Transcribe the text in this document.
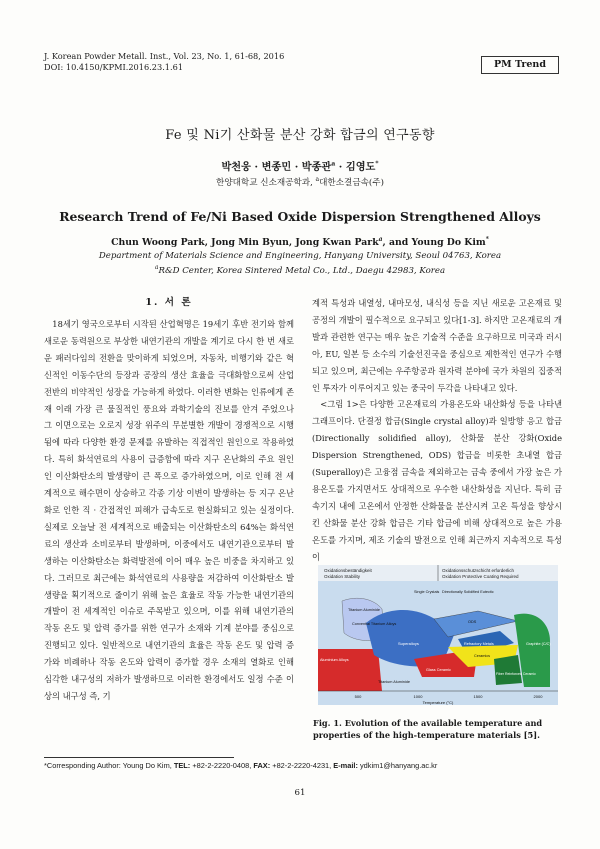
J. Korean Powder Metall. Inst., Vol. 23, No. 1, 61-68, 2016
DOI: 10.4150/KPMI.2016.23.1.61	PM Trend
Fe 및 Ni기 산화물 분산 강화 합금의 연구동향
박천웅 · 변종민 · 박종관$^a$ · 김영도*
한양대학교 신소재공학과, $^a$대한소결금속(주)
Research Trend of Fe/Ni Based Oxide Dispersion Strengthened Alloys
Chun Woong Park, Jong Min Byun, Jong Kwan Park$^a$, and Young Do Kim*
Department of Materials Science and Engineering, Hanyang University, Seoul 04763, Korea
$^a$R&D Center, Korea Sintered Metal Co., Ltd., Daegu 42983, Korea
1. 서 론

18세기 영국으로부터 시작된 산업혁명은 19세기 후반 전기와 함께 새로운 동력원으로 부상한 내연기관의 개발을 계기로 다시 한 번 새로운 패러다임의 전환을 맞이하게 되었으며, 자동차, 비행기와 같은 혁신적인 이동수단의 등장과 공장의 생산 효율을 극대화함으로써 산업 전반의 비약적인 성장을 가능하게 하였다. 이러한 변화는 인류에게 존재 이래 가장 큰 물질적인 풍요와 과학기술의 진보를 안겨 주었으나 그 이면으로는 오로지 성장 위주의 무분별한 개발이 경쟁적으로 시행됨에 따라 다양한 환경 문제를 유발하는 직접적인 원인으로 작용하였다. 특히 화석연료의 사용이 급증함에 따라 지구 온난화의 주요 원인인 이산화탄소의 발생량이 큰 폭으로 증가하였으며, 이로 인해 전 세계적으로 해수면이 상승하고 각종 기상 이변이 발생하는 등 지구 온난화로 인한 직 · 간접적인 피해가 급속도로 현실화되고 있는 실정이다. 실제로 오늘날 전 세계적으로 배출되는 이산화탄소의 64%는 화석연료의 생산과 소비로부터 발생하며, 이중에서도 내연기관으로부터 발생하는 이산화탄소는 화력발전에 이어 매우 높은 비중을 차지하고 있다. 그러므로 최근에는 화석연료의 사용량을 저감하여 이산화탄소 발생량을 획기적으로 줄이기 위해 높은 효율로 작동 가능한 내연기관의 개발이 전 세계적인 이슈로 주목받고 있으며, 이를 위해 내연기관의 작동 온도 및 압력 증가를 위한 연구가 소재와 기계 분야를 중심으로 진행되고 있다. 일반적으로 내연기관의 효율은 작동 온도 및 압력 증가와 비례하나 작동 온도와 압력이 증가할 경우 소재의 열화로 인해 심각한 내구성의 저하가 발생하므로 이러한 환경에서도 일정 수준 이상의 내구성 즉, 기

계적 특성과 내열성, 내마모성, 내식성 등을 지닌 새로운 고온재료 및 공정의 개발이 필수적으로 요구되고 있다[1-3]. 하지만 고온재료의 개발과 관련한 연구는 매우 높은 기술적 수준을 요구하므로 미국과 러시아, EU, 일본 등 소수의 기술선진국을 중심으로 제한적인 연구가 수행되고 있으며, 최근에는 우주항공과 원자력 분야에 국가 차원의 집중적인 투자가 이루어지고 있는 중국이 두각을 나타내고 있다.

<그림 1>은 다양한 고온재료의 가용온도와 내산화성 등을 나타낸 그래프이다. 단결정 합금(Single crystal alloy)과 일방향 응고 합금(Directionally solidified alloy), 산화물 분산 강화(Oxide Dispersion Strengthened, ODS) 합금을 비롯한 초내열 합금(Superalloy)은 고융점 금속을 제외하고는 금속 중에서 가장 높은 가용온도를 가지면서도 상대적으로 우수한 내산화성을 지닌다. 특히 금속기지 내에 고온에서 안정한 산화물을 분산시켜 고온 특성을 향상시킨 산화물 분산 강화 합금은 기타 합금에 비해 상대적으로 높은 가용온도를 가지며, 제조 기술의 발전으로 인해 최근까지 지속적으로 특성이

Oxidationsbeständigkeit
Oxidation Stability
Oxidationsschutzschicht erforderlich
Oxidation Protective Coating Required
Titanium Aluminide
Convential Titanium Alloys
Aluminium Alloys
Superalloys
Single Crystals Directionally Solidified Eutectic
ODS
Refractory Metals	Graphite (C/C)
Glass Ceramic
Ceramics
Titanium Aluminide
Fiber Reinforced Ceramic
500	1000	1500	2000
Temperature (°C)
Fig. 1. Evolution of the available temperature and properties of the high-temperature materials [5].
*Corresponding Author: Young Do Kim, TEL: +82-2-2220-0408, FAX: +82-2-2220-4231, E-mail: ydkim1@hanyang.ac.kr
61
